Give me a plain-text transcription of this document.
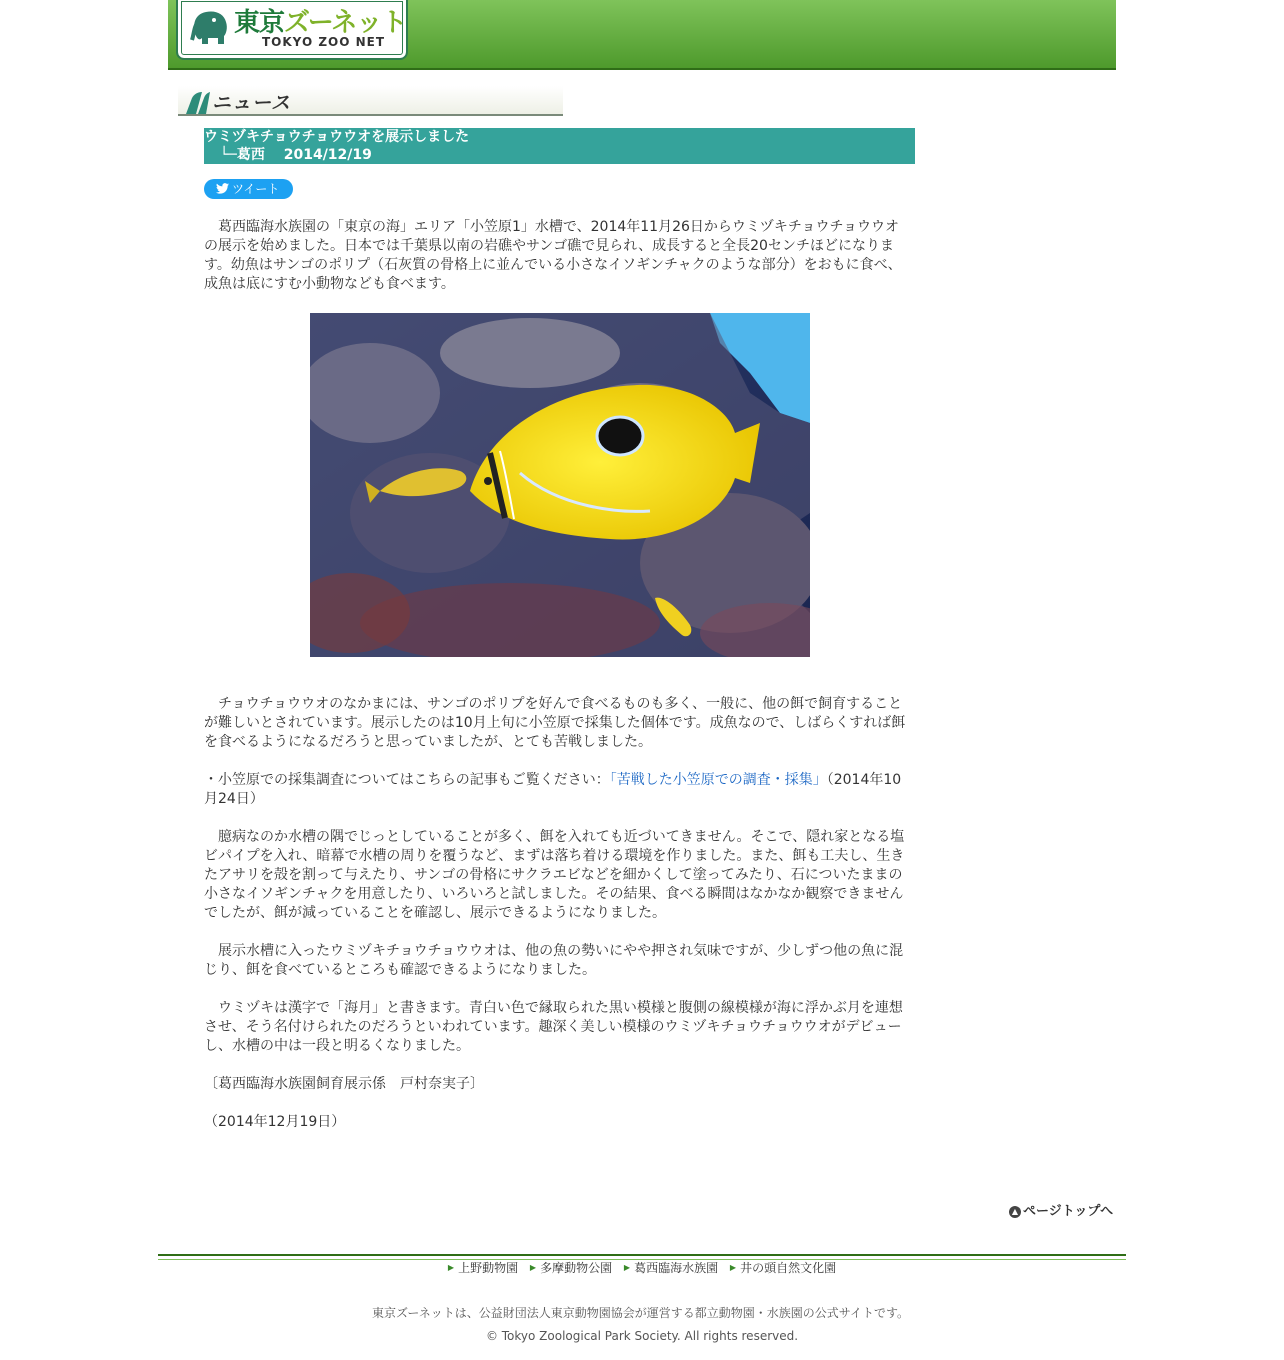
東京ズーネット
TOKYO ZOO NET
ニュース
ウミヅキチョウチョウウオを展示しました
└─葛西　 2014/12/19
ツイート
　葛西臨海水族園の「東京の海」エリア「小笠原1」水槽で、2014年11月26日からウミヅキチョウチョウウオの展示を始めました。日本では千葉県以南の岩礁やサンゴ礁で見られ、成長すると全長20センチほどになります。幼魚はサンゴのポリプ（石灰質の骨格上に並んでいる小さなイソギンチャクのような部分）をおもに食べ、成魚は底にすむ小動物なども食べます。
　チョウチョウウオのなかまには、サンゴのポリプを好んで食べるものも多く、一般に、他の餌で飼育することが難しいとされています。展示したのは10月上旬に小笠原で採集した個体です。成魚なので、しばらくすれば餌を食べるようになるだろうと思っていましたが、とても苦戦しました。
・小笠原での採集調査についてはこちらの記事もご覧ください：「苦戦した小笠原での調査・採集」（2014年10月24日）
　臆病なのか水槽の隅でじっとしていることが多く、餌を入れても近づいてきません。そこで、隠れ家となる塩ビパイプを入れ、暗幕で水槽の周りを覆うなど、まずは落ち着ける環境を作りました。また、餌も工夫し、生きたアサリを殻を割って与えたり、サンゴの骨格にサクラエビなどを細かくして塗ってみたり、石についたままの小さなイソギンチャクを用意したり、いろいろと試しました。その結果、食べる瞬間はなかなか観察できませんでしたが、餌が減っていることを確認し、展示できるようになりました。
　展示水槽に入ったウミヅキチョウチョウウオは、他の魚の勢いにやや押され気味ですが、少しずつ他の魚に混じり、餌を食べているところも確認できるようになりました。
　ウミヅキは漢字で「海月」と書きます。青白い色で縁取られた黒い模様と腹側の線模様が海に浮かぶ月を連想させ、そう名付けられたのだろうといわれています。趣深く美しい模様のウミヅキチョウチョウウオがデビューし、水槽の中は一段と明るくなりました。
〔葛西臨海水族園飼育展示係　戸村奈実子〕
（2014年12月19日）
▲ ページトップへ
▶ 上野動物園 ▶ 多摩動物公園 ▶ 葛西臨海水族園 ▶ 井の頭自然文化園
東京ズーネットは、公益財団法人東京動物園協会が運営する都立動物園・水族園の公式サイトです。
© Tokyo Zoological Park Society. All rights reserved.
